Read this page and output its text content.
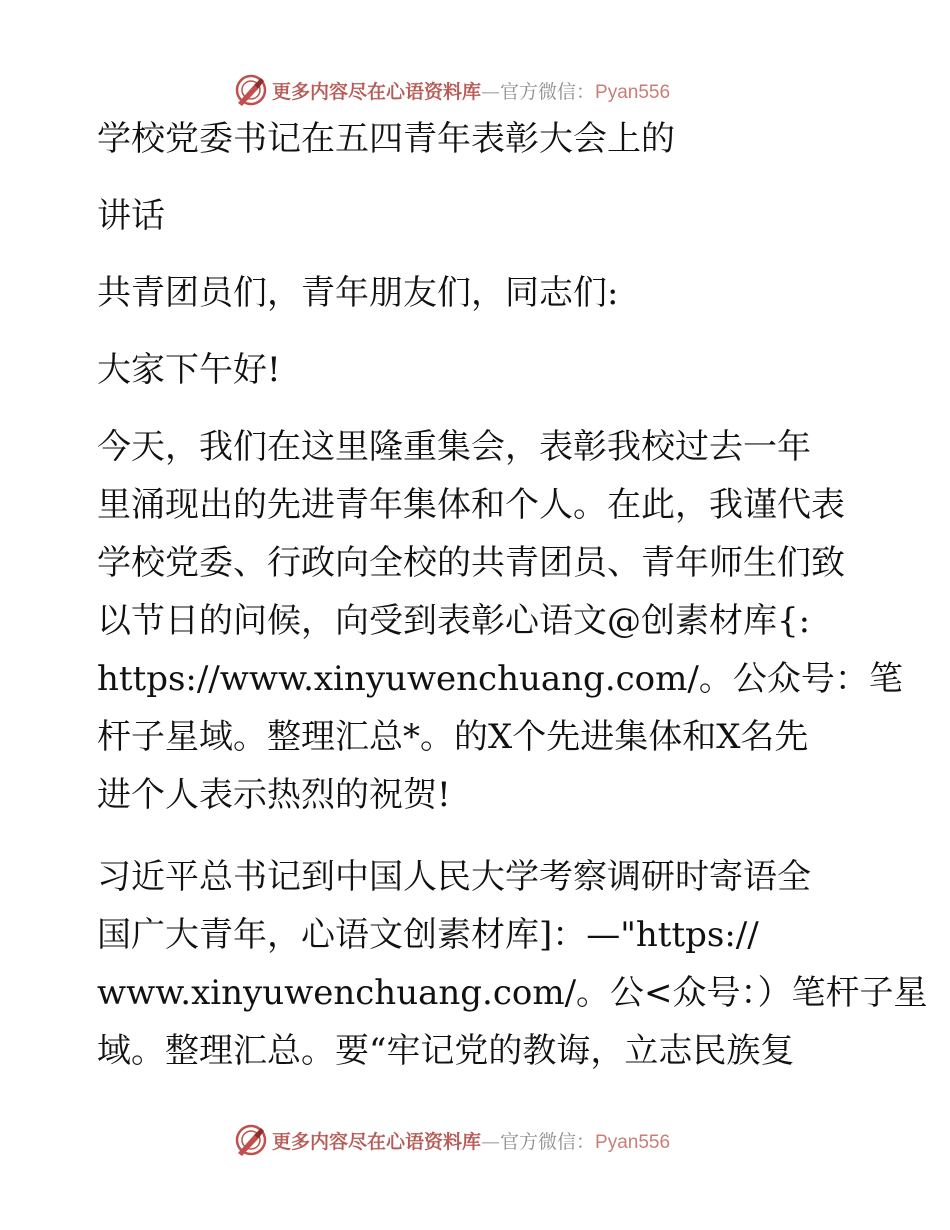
更多内容尽在心语资料库—官方微信：Pyan556
学校党委书记在五四青年表彰大会上的
讲话
共青团员们，青年朋友们，同志们:
大家下午好!
今天，我们在这里隆重集会，表彰我校过去一年
里涌现出的先进青年集体和个人。在此，我谨代表
学校党委、行政向全校的共青团员、青年师生们致
以节日的问候，向受到表彰心语文@创素材库{:
https://www.xinyuwenchuang.com/。公众号：笔
杆子星域。整理汇总*。的X个先进集体和X名先
进个人表示热烈的祝贺!
习近平总书记到中国人民大学考察调研时寄语全
国广大青年，心语文创素材库]：—"https://
www.xinyuwenchuang.com/。公<众号：）笔杆子星
域。整理汇总。要“牢记党的教诲，立志民族复
更多内容尽在心语资料库—官方微信：Pyan556
